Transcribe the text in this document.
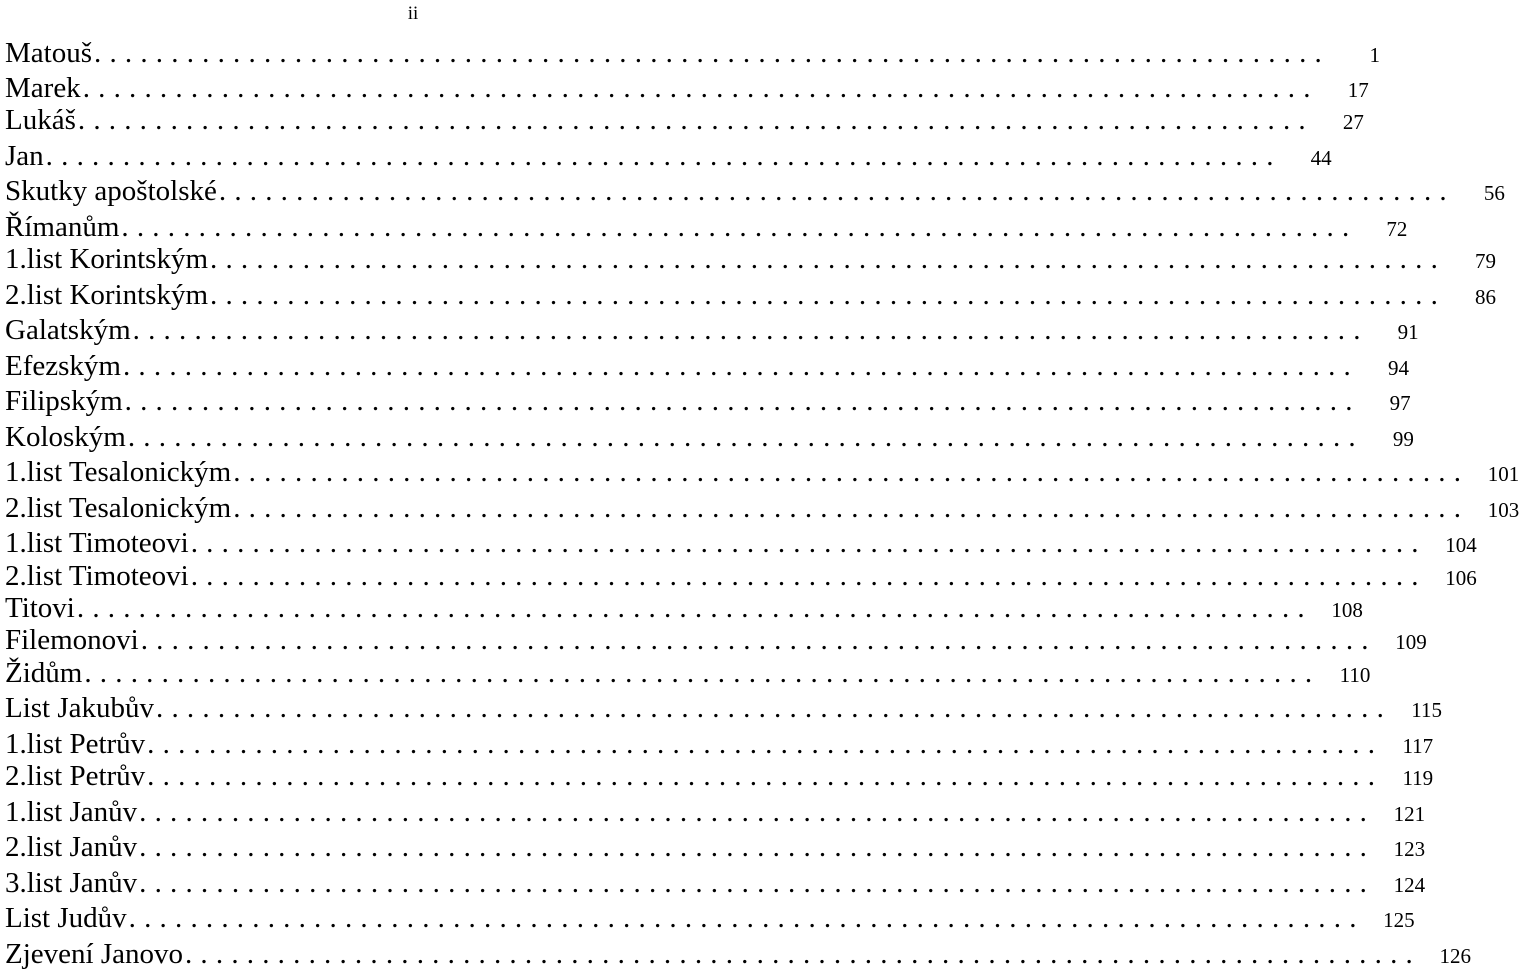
ii
Matouš ................................................................................	1
Marek ................................................................................	17
Lukáš ................................................................................	27
Jan ................................................................................	44
Skutky apoštolské ................................................................................	56
Římanům ................................................................................	72
1.list Korintským ................................................................................	79
2.list Korintským ................................................................................	86
Galatským ................................................................................	91
Efezským ................................................................................	94
Filipským ................................................................................	97
Koloským ................................................................................	99
1.list Tesalonickým ................................................................................ 101
2.list Tesalonickým ................................................................................ 103
1.list Timoteovi ................................................................................ 104
2.list Timoteovi ................................................................................ 106
Titovi ................................................................................ 108
Filemonovi ................................................................................ 109
Židům ................................................................................ 110
List Jakubův ................................................................................ 115
1.list Petrův ................................................................................ 117
2.list Petrův ................................................................................ 119
1.list Janův ................................................................................ 121
2.list Janův ................................................................................ 123
3.list Janův ................................................................................ 124
List Judův ................................................................................ 125
Zjevení Janovo ................................................................................ 126
